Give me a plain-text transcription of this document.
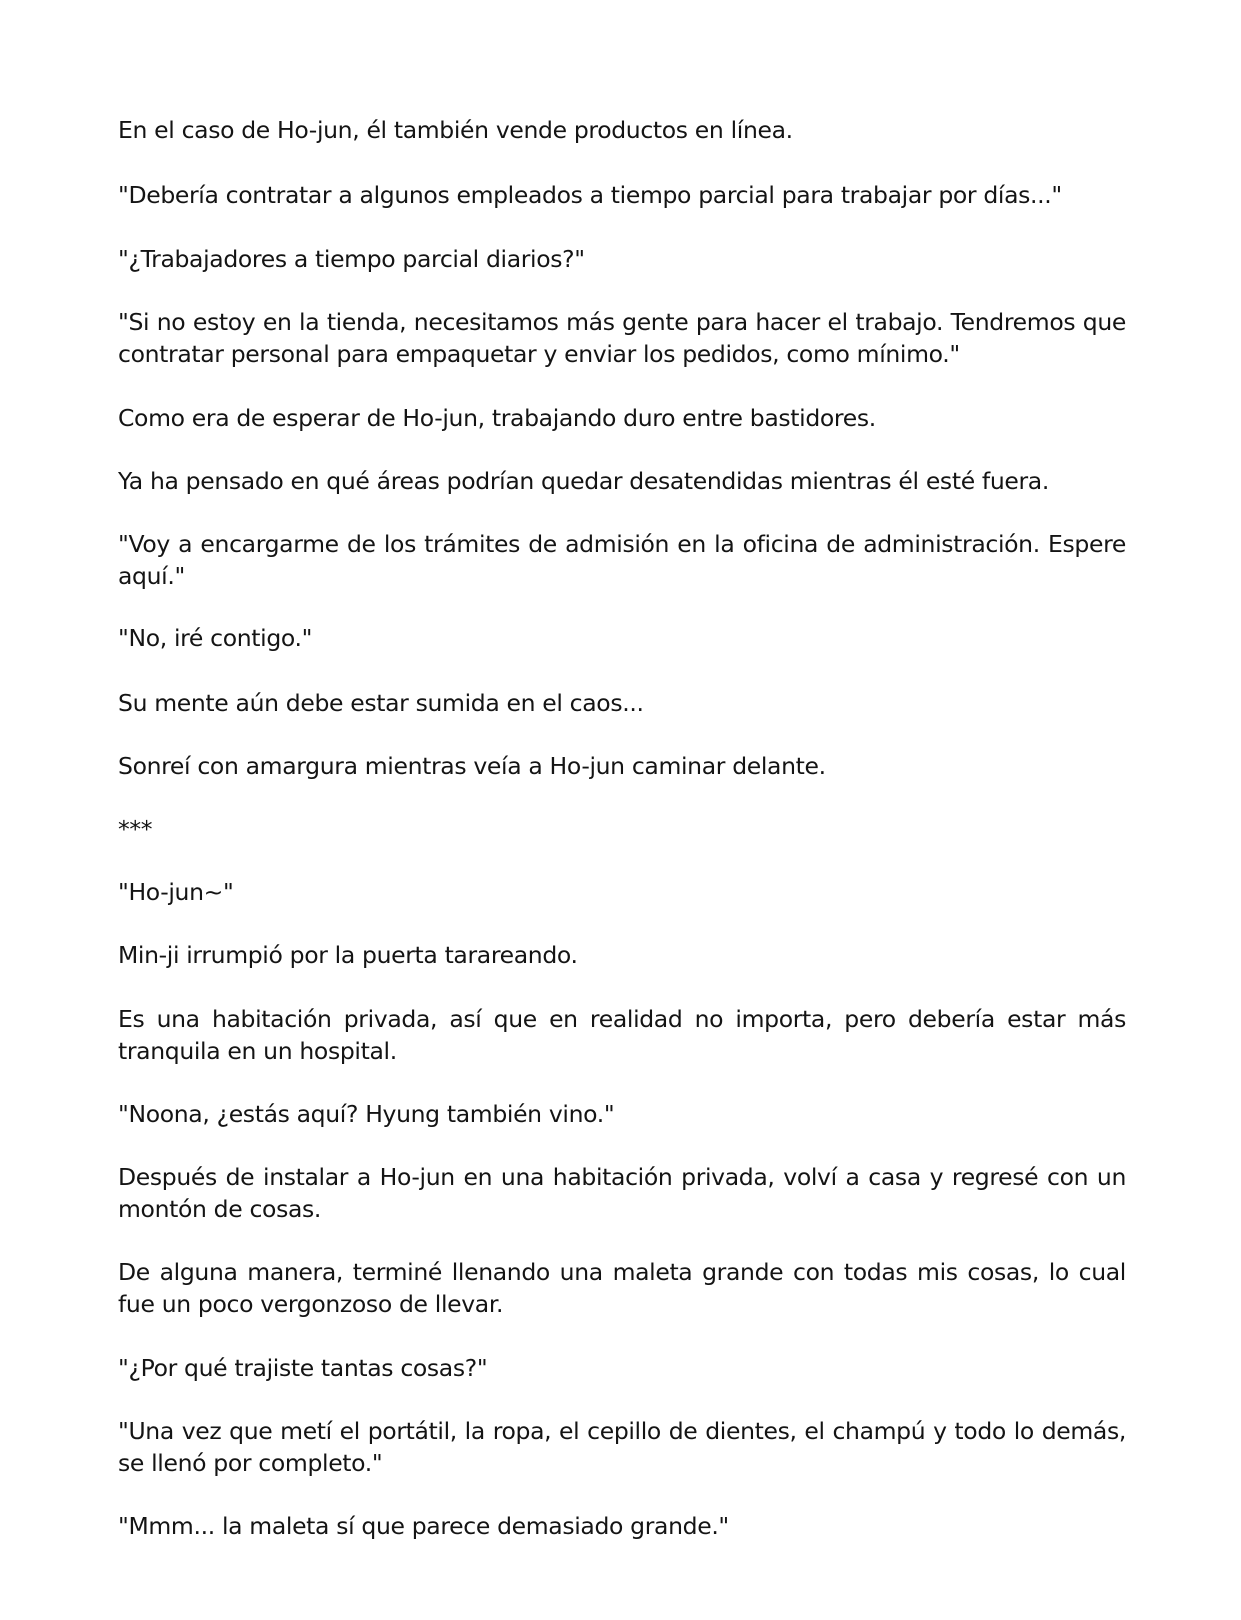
En el caso de Ho-jun, él también vende productos en línea.

"Debería contratar a algunos empleados a tiempo parcial para trabajar por días..."

"¿Trabajadores a tiempo parcial diarios?"

"Si no estoy en la tienda, necesitamos más gente para hacer el trabajo. Tendremos que contratar personal para empaquetar y enviar los pedidos, como mínimo."

Como era de esperar de Ho-jun, trabajando duro entre bastidores.

Ya ha pensado en qué áreas podrían quedar desatendidas mientras él esté fuera.

"Voy a encargarme de los trámites de admisión en la oficina de administración. Espere aquí."

"No, iré contigo."

Su mente aún debe estar sumida en el caos...

Sonreí con amargura mientras veía a Ho-jun caminar delante.

***

"Ho-jun~"

Min-ji irrumpió por la puerta tarareando.

Es una habitación privada, así que en realidad no importa, pero debería estar más tranquila en un hospital.

"Noona, ¿estás aquí? Hyung también vino."

Después de instalar a Ho-jun en una habitación privada, volví a casa y regresé con un montón de cosas.

De alguna manera, terminé llenando una maleta grande con todas mis cosas, lo cual fue un poco vergonzoso de llevar.

"¿Por qué trajiste tantas cosas?"

"Una vez que metí el portátil, la ropa, el cepillo de dientes, el champú y todo lo demás, se llenó por completo."

"Mmm... la maleta sí que parece demasiado grande."
